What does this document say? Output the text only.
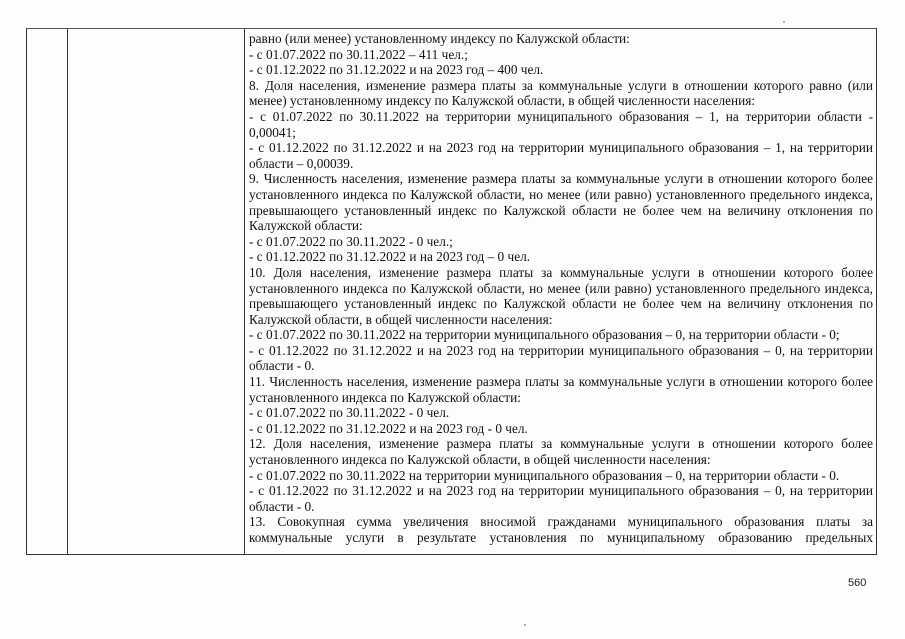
равно (или менее) установленному индексу по Калужской области:

- с 01.07.2022 по 30.11.2022 – 411 чел.;

- с 01.12.2022 по 31.12.2022 и на 2023 год – 400 чел.

8. Доля населения, изменение размера платы за коммунальные услуги в отношении которого равно (или менее) установленному индексу по Калужской области, в общей численности населения:

- с 01.07.2022 по 30.11.2022 на территории муниципального образования – 1, на территории области - 0,00041;

- с 01.12.2022 по 31.12.2022 и на 2023 год на территории муниципального образования – 1, на территории области – 0,00039.

9. Численность населения, изменение размера платы за коммунальные услуги в отношении которого более установленного индекса по Калужской области, но менее (или равно) установленного предельного индекса, превышающего установленный индекс по Калужской области не более чем на величину отклонения по Калужской области:

- с 01.07.2022 по 30.11.2022 - 0 чел.;

- с 01.12.2022 по 31.12.2022 и на 2023 год – 0 чел.

10. Доля населения, изменение размера платы за коммунальные услуги в отношении которого более установленного индекса по Калужской области, но менее (или равно) установленного предельного индекса, превышающего установленный индекс по Калужской области не более чем на величину отклонения по Калужской области, в общей численности населения:

- с 01.07.2022 по 30.11.2022 на территории муниципального образования – 0, на территории области - 0;

- с 01.12.2022 по 31.12.2022 и на 2023 год на территории муниципального образования – 0, на территории области - 0.

11. Численность населения, изменение размера платы за коммунальные услуги в отношении которого более установленного индекса по Калужской области:

- с 01.07.2022 по 30.11.2022 - 0 чел.

- с 01.12.2022 по 31.12.2022 и на 2023 год - 0 чел.

12. Доля населения, изменение размера платы за коммунальные услуги в отношении которого более установленного индекса по Калужской области, в общей численности населения:

- с 01.07.2022 по 30.11.2022 на территории муниципального образования – 0, на территории области - 0.

- с 01.12.2022 по 31.12.2022 и на 2023 год на территории муниципального образования – 0, на территории области - 0.

13. Совокупная сумма увеличения вносимой гражданами муниципального образования платы за коммунальные услуги в результате установления по муниципальному образованию предельных

560
